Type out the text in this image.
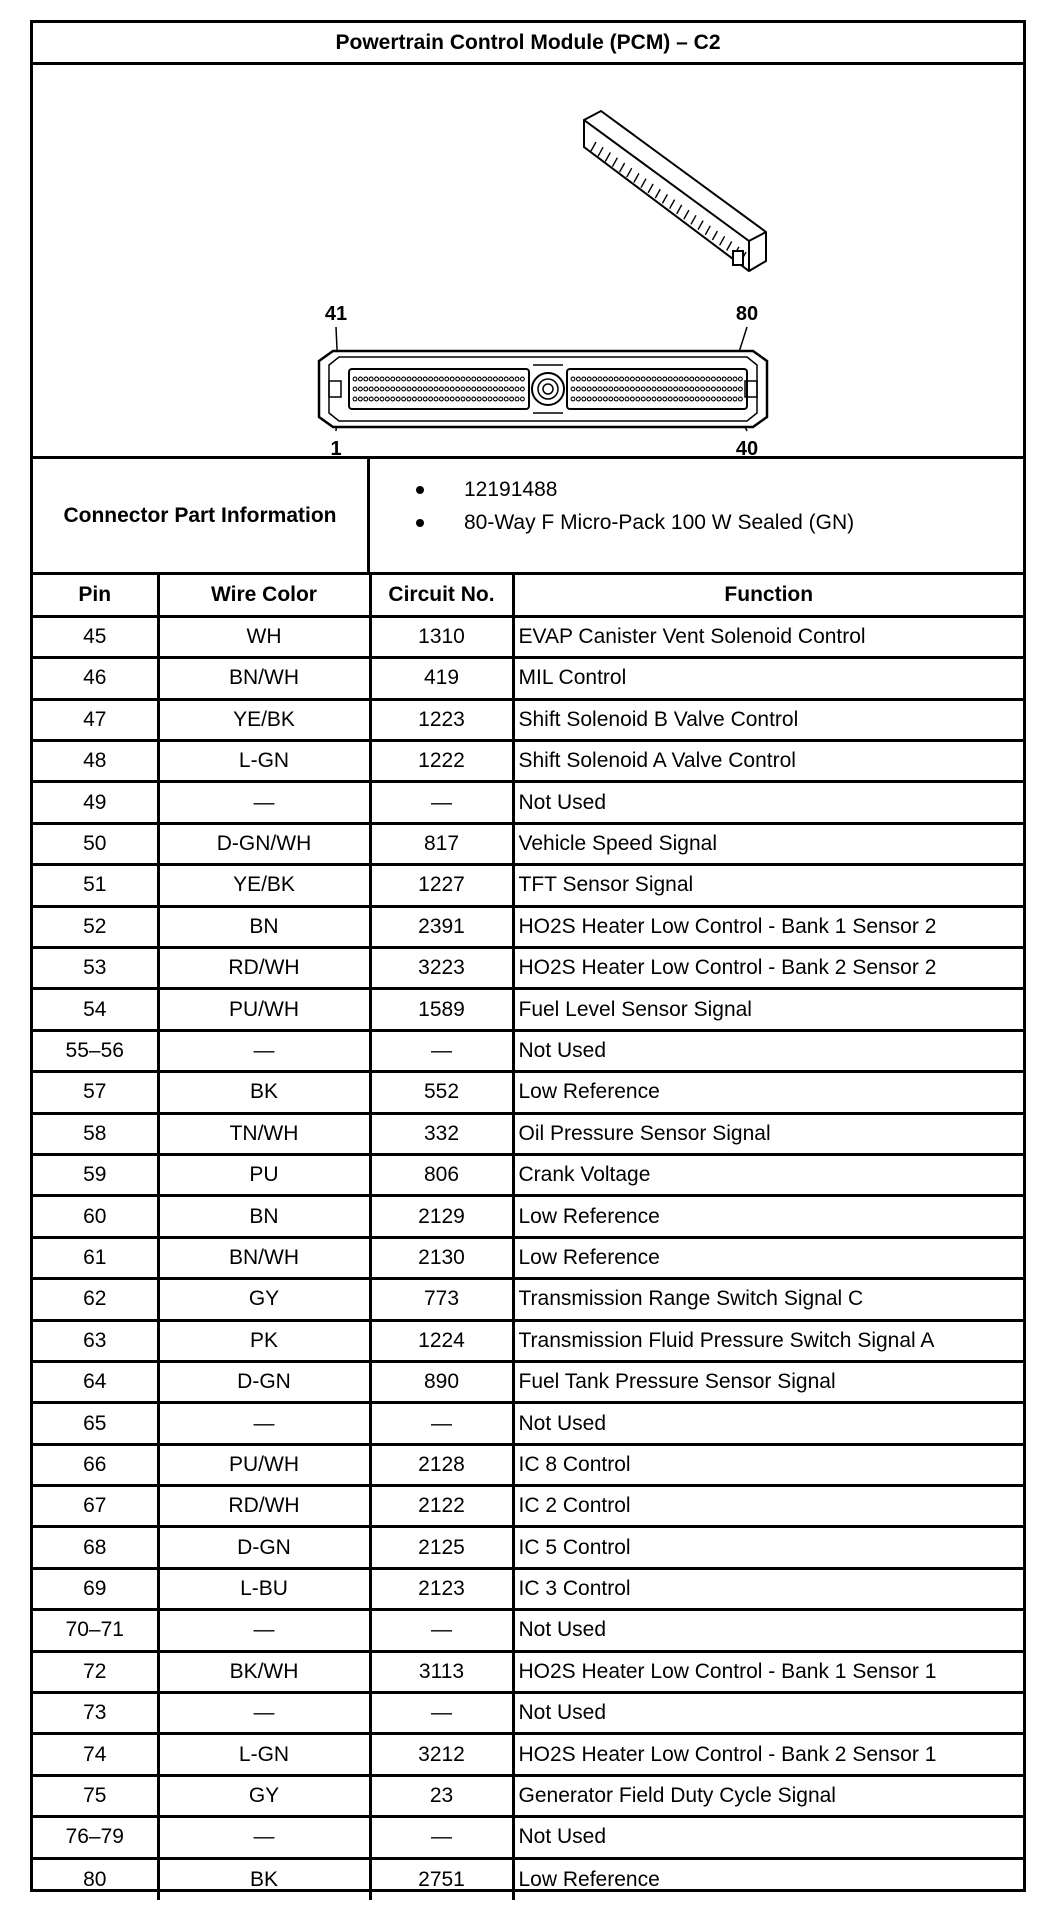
Powertrain Control Module (PCM) – C2
41	80
1	40
Connector Part Information
12191488
80-Way F Micro-Pack 100 W Sealed (GN)
Pin	Wire Color	Circuit No.	Function
45	WH	1310	EVAP Canister Vent Solenoid Control
46	BN/WH	419	MIL Control
47	YE/BK	1223	Shift Solenoid B Valve Control
48	L-GN	1222	Shift Solenoid A Valve Control
49	—	—	Not Used
50	D-GN/WH	817	Vehicle Speed Signal
51	YE/BK	1227	TFT Sensor Signal
52	BN	2391	HO2S Heater Low Control - Bank 1 Sensor 2
53	RD/WH	3223	HO2S Heater Low Control - Bank 2 Sensor 2
54	PU/WH	1589	Fuel Level Sensor Signal
55–56	—	—	Not Used
57	BK	552	Low Reference
58	TN/WH	332	Oil Pressure Sensor Signal
59	PU	806	Crank Voltage
60	BN	2129	Low Reference
61	BN/WH	2130	Low Reference
62	GY	773	Transmission Range Switch Signal C
63	PK	1224	Transmission Fluid Pressure Switch Signal A
64	D-GN	890	Fuel Tank Pressure Sensor Signal
65	—	—	Not Used
66	PU/WH	2128	IC 8 Control
67	RD/WH	2122	IC 2 Control
68	D-GN	2125	IC 5 Control
69	L-BU	2123	IC 3 Control
70–71	—	—	Not Used
72	BK/WH	3113	HO2S Heater Low Control - Bank 1 Sensor 1
73	—	—	Not Used
74	L-GN	3212	HO2S Heater Low Control - Bank 2 Sensor 1
75	GY	23	Generator Field Duty Cycle Signal
76–79	—	—	Not Used
80	BK	2751	Low Reference
